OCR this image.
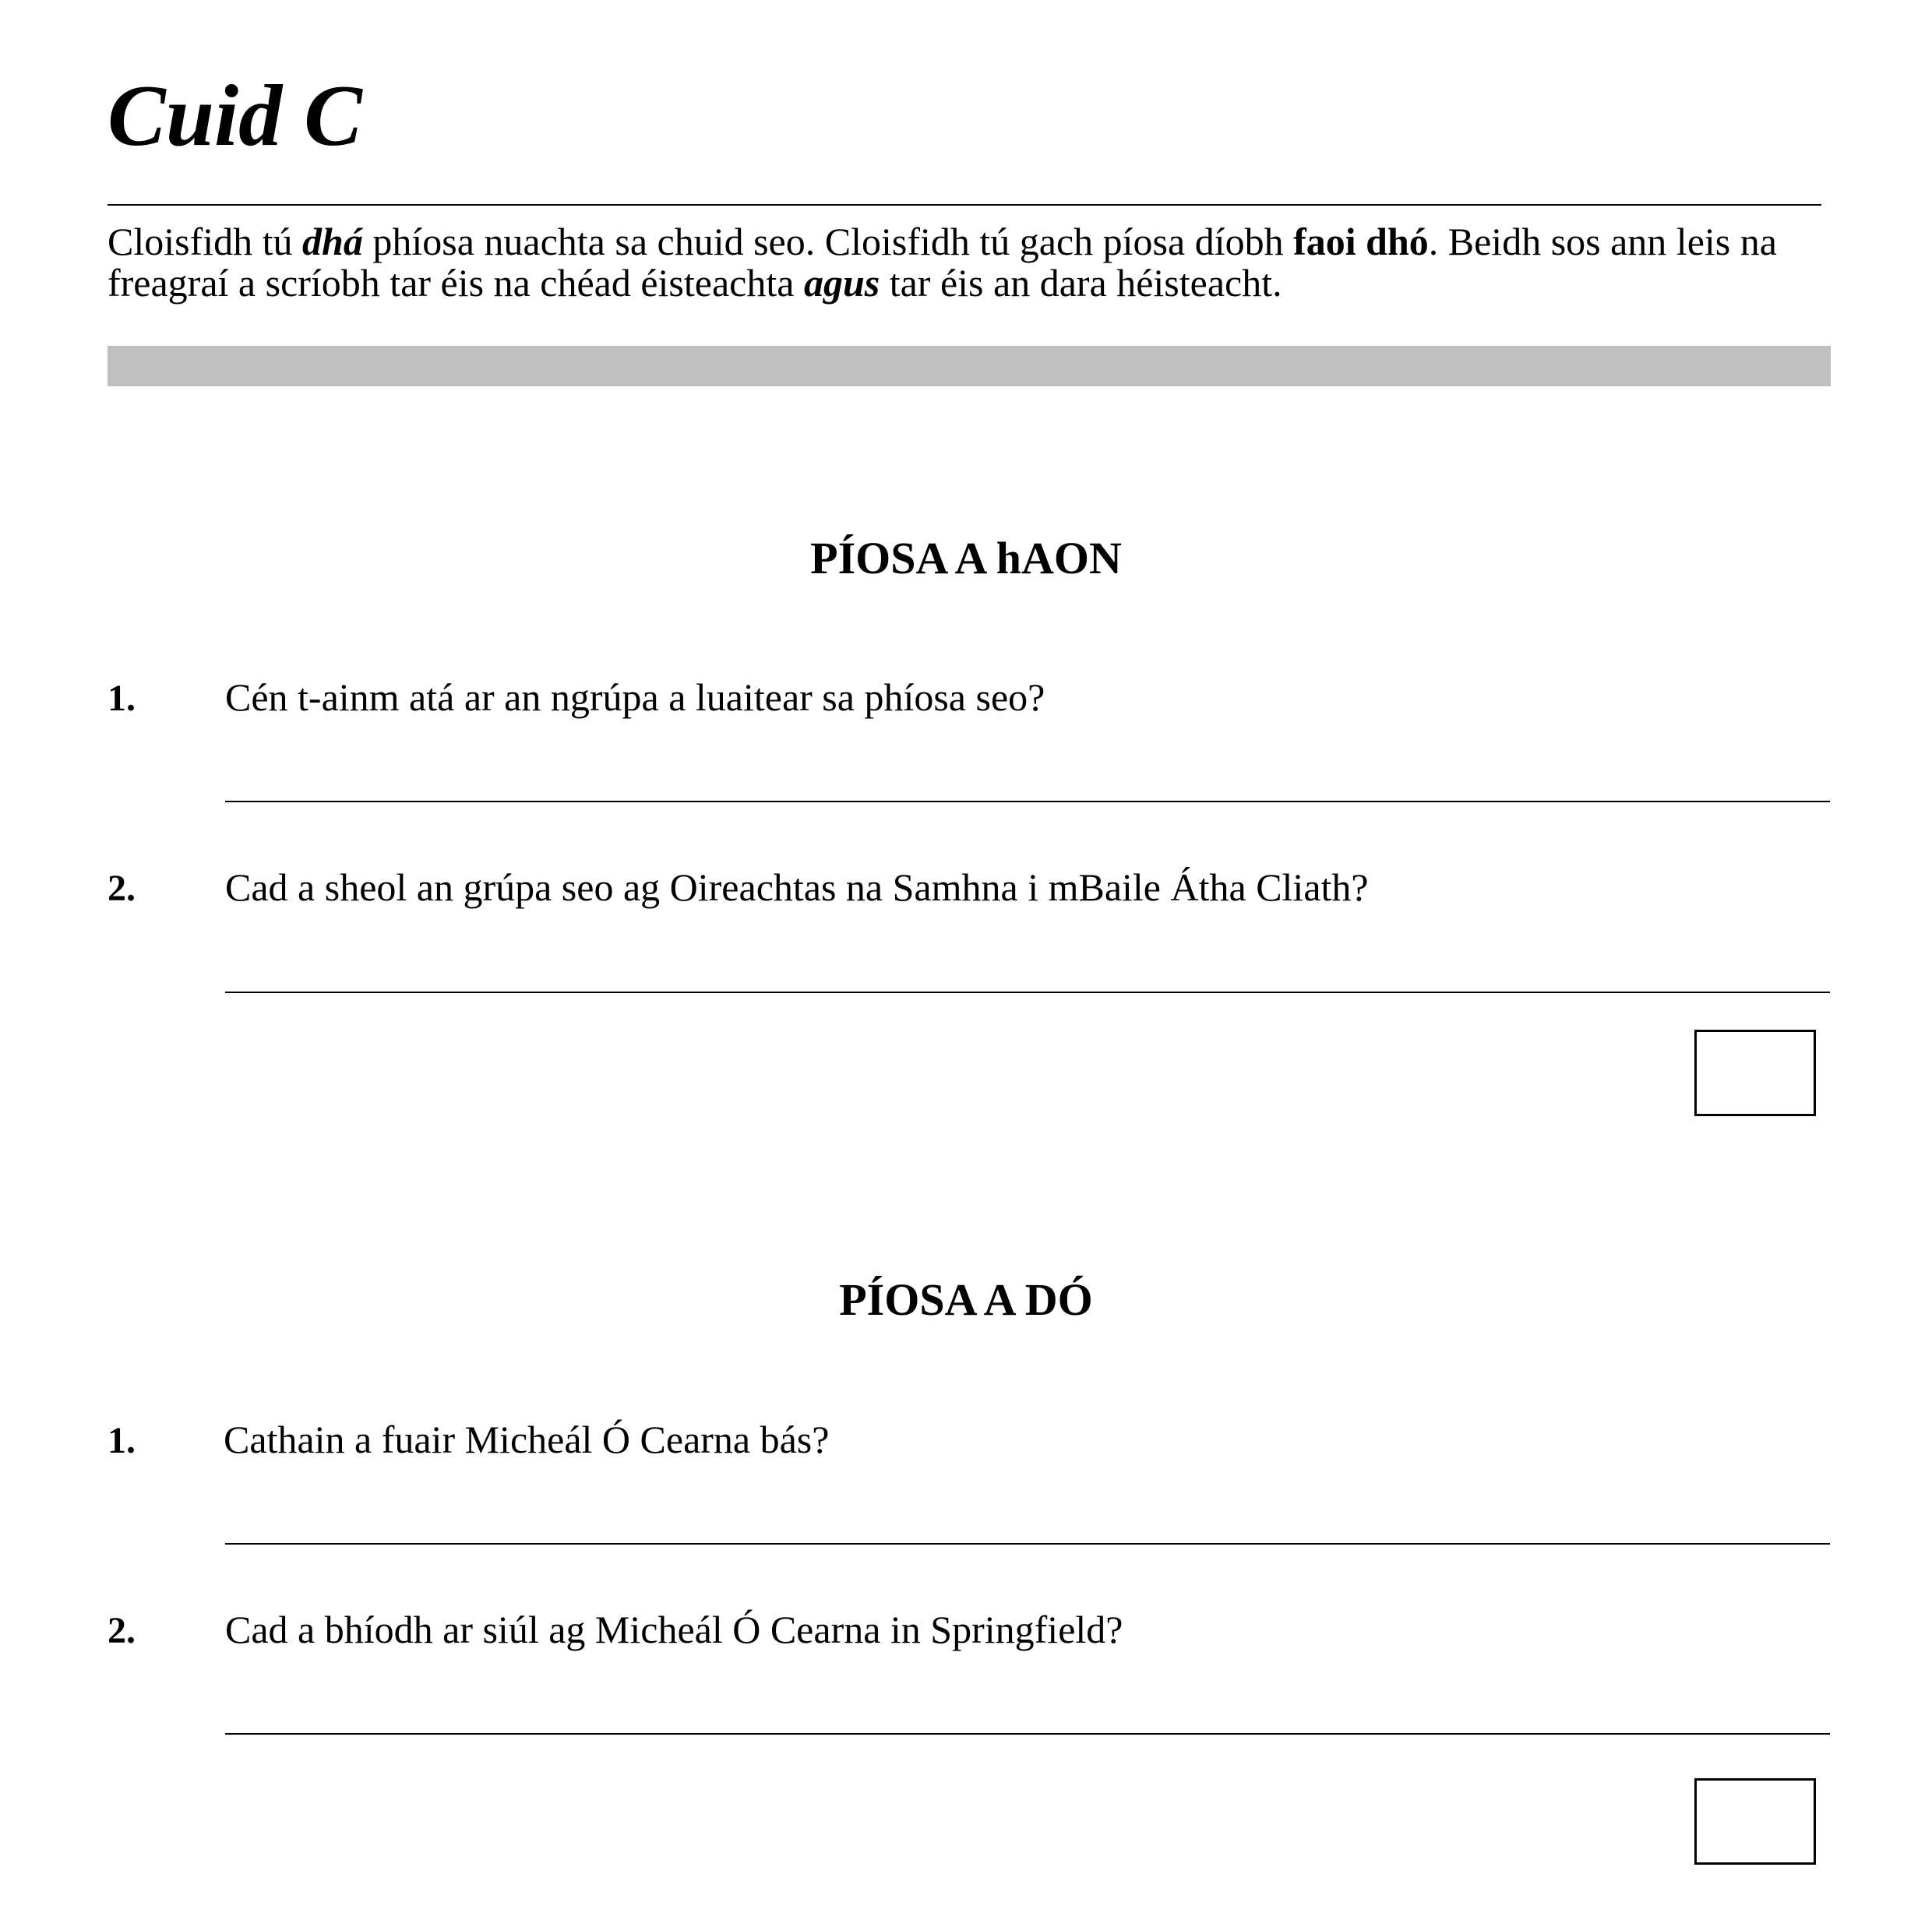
Cuid C

Cloisfidh tú dhá phíosa nuachta sa chuid seo. Cloisfidh tú gach píosa díobh faoi dhó. Beidh sos ann leis na freagraí a scríobh tar éis na chéad éisteachta agus tar éis an dara héisteacht.

PÍOSA A hAON
1. Cén t-ainm atá ar an ngrúpa a luaitear sa phíosa seo?
2. Cad a sheol an grúpa seo ag Oireachtas na Samhna i mBaile Átha Cliath?
PÍOSA A DÓ
1. Cathain a fuair Micheál Ó Cearna bás?
2. Cad a bhíodh ar siúl ag Micheál Ó Cearna in Springfield?
